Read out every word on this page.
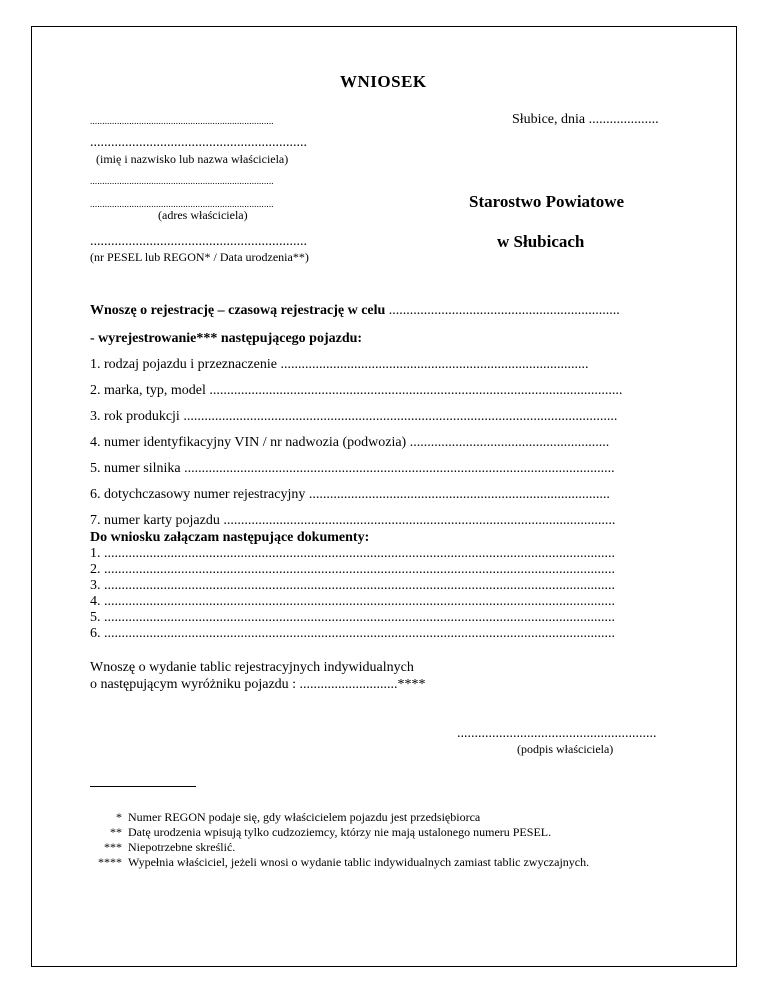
WNIOSEK
...........................................................................	Słubice, dnia ....................
..............................................................
(imię i nazwisko lub nazwa właściciela)
...........................................................................
...........................................................................
(adres właściciela)
Starostwo Powiatowe
w Słubicach
..............................................................
(nr PESEL lub REGON* / Data urodzenia**)
Wnoszę o rejestrację – czasową rejestrację w celu ..................................................................
- wyrejestrowanie*** następującego pojazdu:
1. rodzaj pojazdu i przeznaczenie ........................................................................................
2. marka, typ, model ......................................................................................................................
3. rok produkcji ............................................................................................................................
4. numer identyfikacyjny VIN / nr nadwozia (podwozia) .........................................................
5. numer silnika ...........................................................................................................................
6. dotychczasowy numer rejestracyjny ......................................................................................
7. numer karty pojazdu ................................................................................................................
Do wniosku załączam następujące dokumenty:
1. ..................................................................................................................................................
2. ..................................................................................................................................................
3. ..................................................................................................................................................
4. ..................................................................................................................................................
5. ..................................................................................................................................................
6. ..................................................................................................................................................
Wnoszę o wydanie tablic rejestracyjnych indywidualnych
o następującym wyróżniku pojazdu : ............................****
.........................................................
(podpis właściciela)
* Numer REGON podaje się, gdy właścicielem pojazdu jest przedsiębiorca
** Datę urodzenia wpisują tylko cudzoziemcy, którzy nie mają ustalonego numeru PESEL.
*** Niepotrzebne skreślić.
**** Wypełnia właściciel, jeżeli wnosi o wydanie tablic indywidualnych zamiast tablic zwyczajnych.
